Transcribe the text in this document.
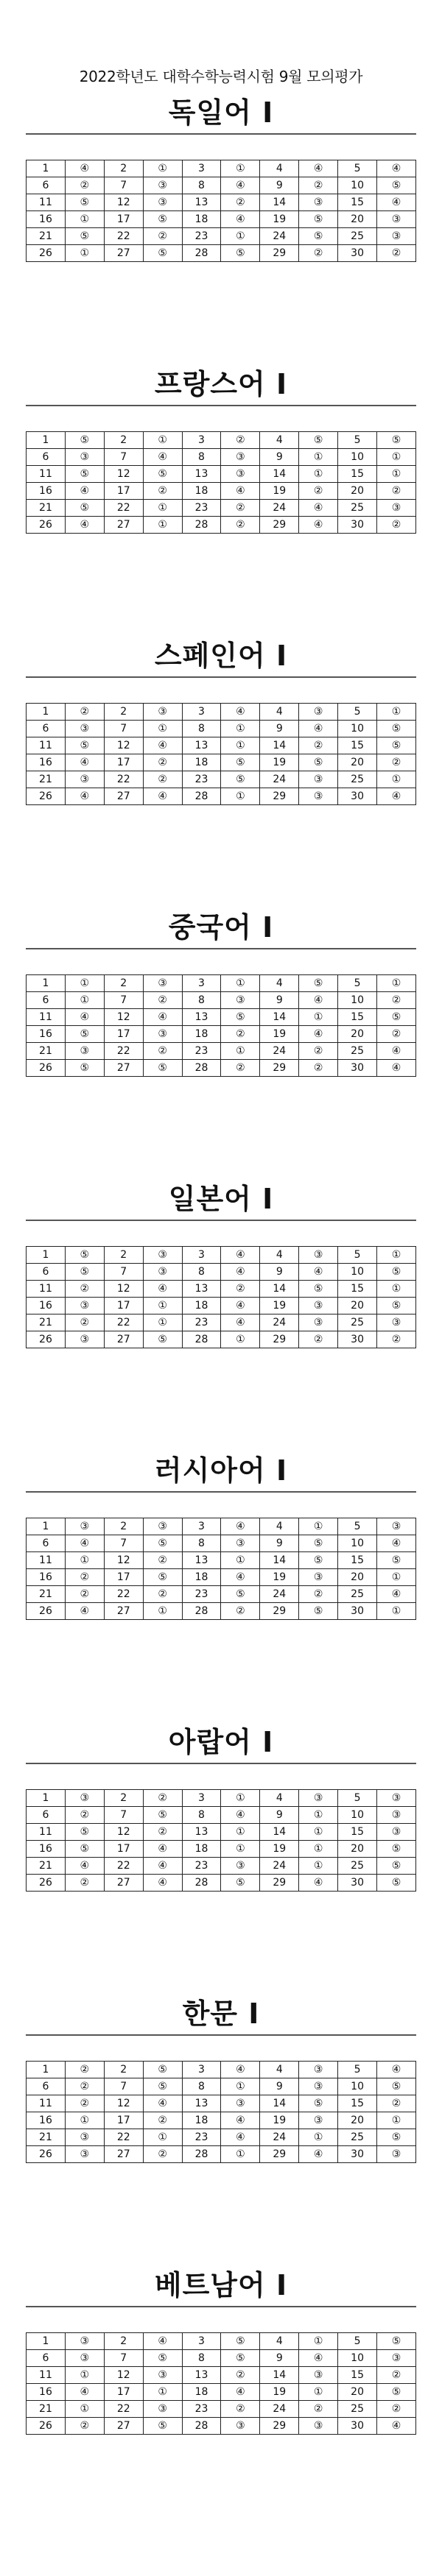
2022학년도 대학수학능력시험 9월 모의평가
독일어 I
1	④	2	①	3	①	4	④	5	④
6	②	7	③	8	④	9	②	10	⑤
11	⑤	12	③	13	②	14	③	15	④
16	①	17	⑤	18	④	19	⑤	20	③
21	⑤	22	②	23	①	24	⑤	25	③
26	①	27	⑤	28	⑤	29	②	30	②
프랑스어 I
1	⑤	2	①	3	②	4	⑤	5	⑤
6	③	7	④	8	③	9	①	10	①
11	⑤	12	⑤	13	③	14	①	15	①
16	④	17	②	18	④	19	②	20	②
21	⑤	22	①	23	②	24	④	25	③
26	④	27	①	28	②	29	④	30	②
스페인어 I
1	②	2	③	3	④	4	③	5	①
6	③	7	①	8	①	9	④	10	⑤
11	⑤	12	④	13	①	14	②	15	⑤
16	④	17	②	18	⑤	19	⑤	20	②
21	③	22	②	23	⑤	24	③	25	①
26	④	27	④	28	①	29	③	30	④
중국어 I
1	①	2	③	3	①	4	⑤	5	①
6	①	7	②	8	③	9	④	10	②
11	④	12	④	13	⑤	14	①	15	⑤
16	⑤	17	③	18	②	19	④	20	②
21	③	22	②	23	①	24	②	25	④
26	⑤	27	⑤	28	②	29	②	30	④
일본어 I
1	⑤	2	③	3	④	4	③	5	①
6	⑤	7	③	8	④	9	④	10	⑤
11	②	12	④	13	②	14	⑤	15	①
16	③	17	①	18	④	19	③	20	⑤
21	②	22	①	23	④	24	③	25	③
26	③	27	⑤	28	①	29	②	30	②
러시아어 I
1	③	2	③	3	④	4	①	5	③
6	④	7	⑤	8	③	9	⑤	10	④
11	①	12	②	13	①	14	⑤	15	⑤
16	②	17	⑤	18	④	19	③	20	①
21	②	22	②	23	⑤	24	②	25	④
26	④	27	①	28	②	29	⑤	30	①
아랍어 I
1	③	2	②	3	①	4	③	5	③
6	②	7	⑤	8	④	9	①	10	③
11	⑤	12	②	13	①	14	①	15	③
16	⑤	17	④	18	①	19	①	20	⑤
21	④	22	④	23	③	24	①	25	⑤
26	②	27	④	28	⑤	29	④	30	⑤
한문 I
1	②	2	⑤	3	④	4	③	5	④
6	②	7	⑤	8	①	9	③	10	⑤
11	②	12	④	13	③	14	⑤	15	②
16	①	17	②	18	④	19	③	20	①
21	③	22	①	23	④	24	①	25	⑤
26	③	27	②	28	①	29	④	30	③
베트남어 I
1	③	2	④	3	⑤	4	①	5	⑤
6	③	7	⑤	8	⑤	9	④	10	③
11	①	12	③	13	②	14	③	15	②
16	④	17	①	18	④	19	①	20	⑤
21	①	22	③	23	②	24	②	25	②
26	②	27	⑤	28	③	29	③	30	④
